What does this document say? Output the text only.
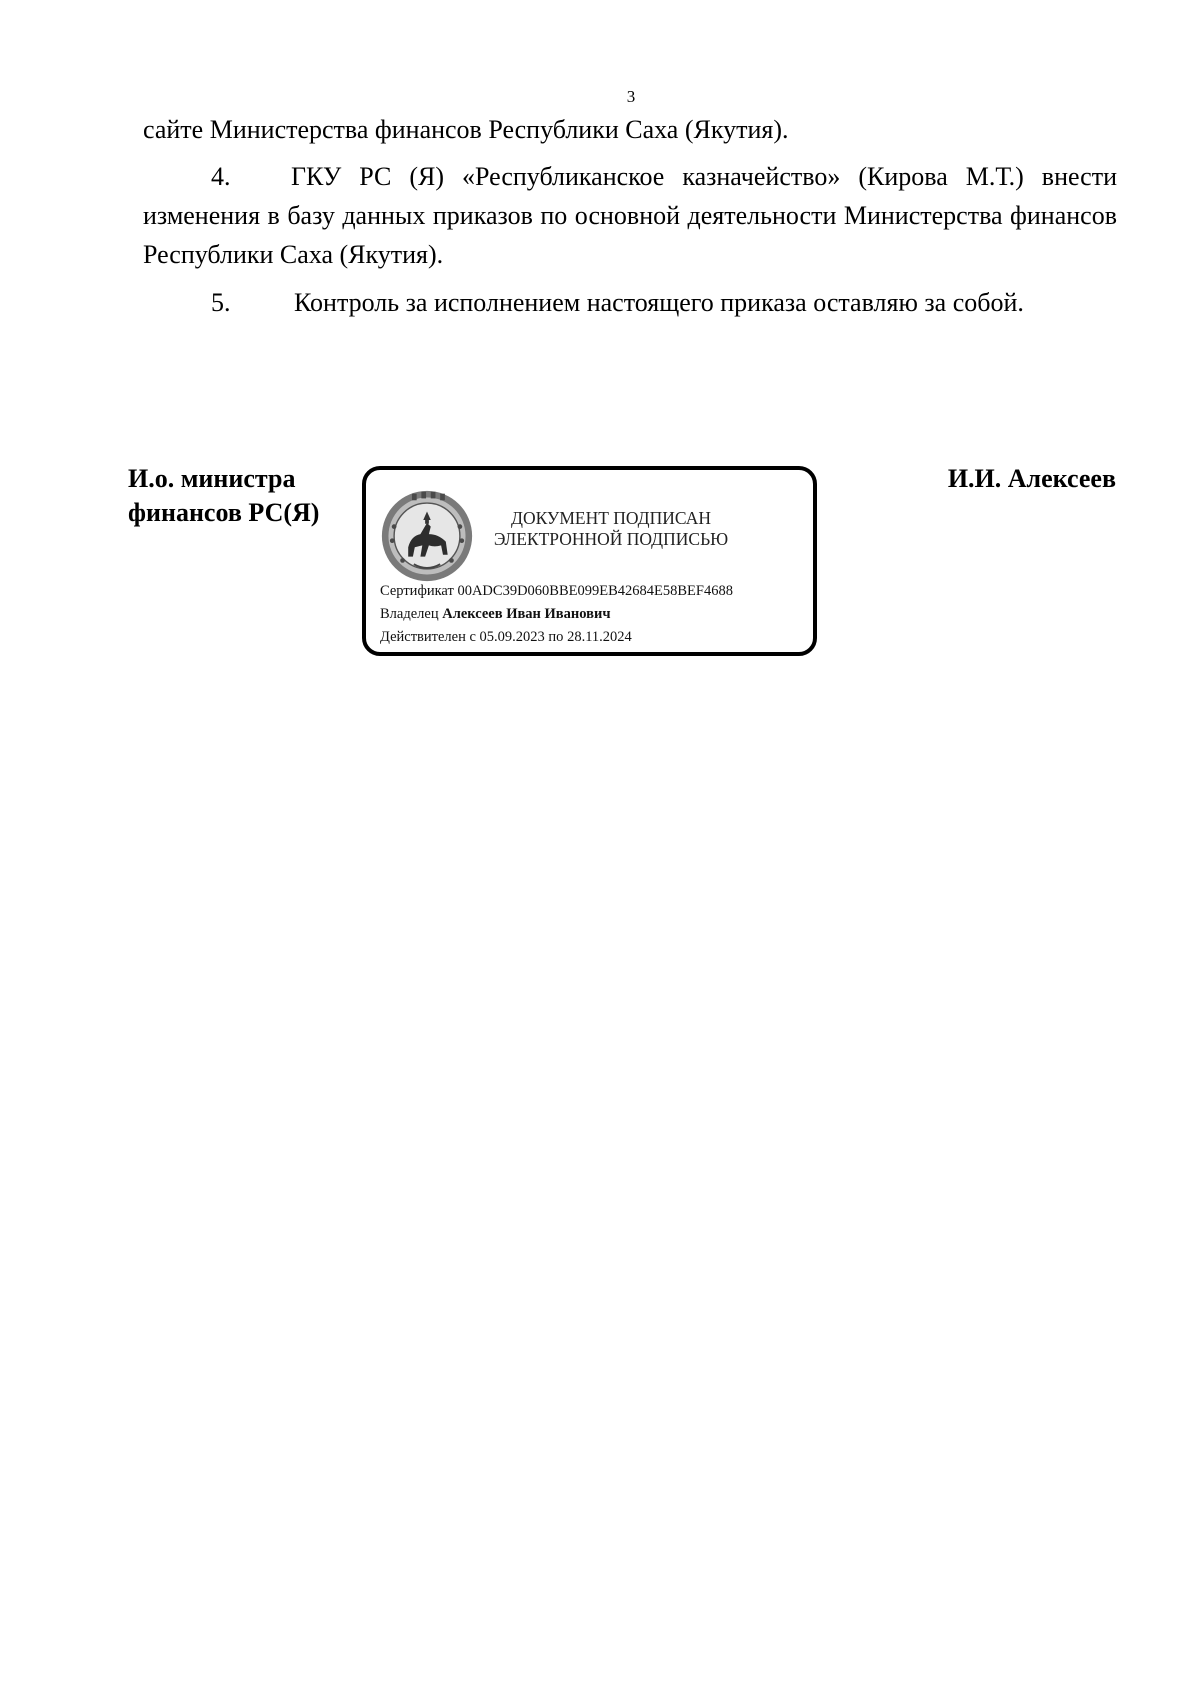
3

сайте Министерства финансов Республики Саха (Якутия).

4. ГКУ РС (Я) «Республиканское казначейство» (Кирова М.Т.) внести изменения в базу данных приказов по основной деятельности Министерства финансов Республики Саха (Якутия).

5. Контроль за исполнением настоящего приказа оставляю за собой.

И.о. министра
финансов РС(Я)
И.И. Алексеев
ДОКУМЕНТ ПОДПИСАН
ЭЛЕКТРОННОЙ ПОДПИСЬЮ
Сертификат 00ADC39D060BBE099EB42684E58BEF4688
Владелец Алексеев Иван Иванович
Действителен с 05.09.2023 по 28.11.2024
